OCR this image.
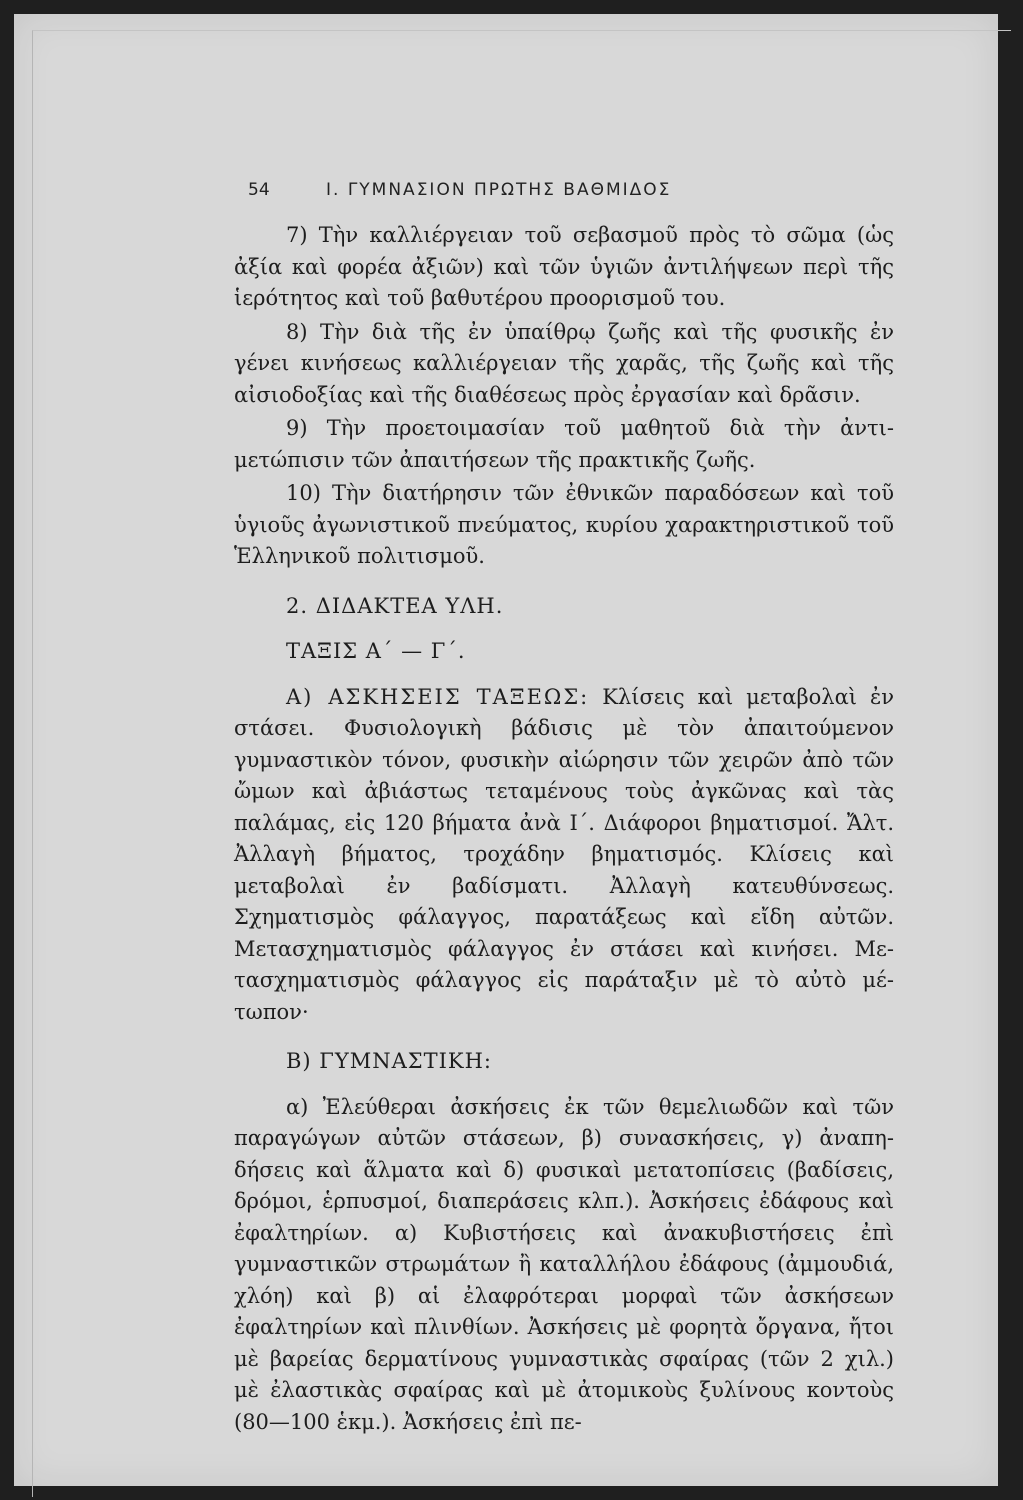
54	Ι. ΓΥΜΝΑΣΙΟΝ ΠΡΩΤΗΣ ΒΑΘΜΙΔΟΣ

7) Τὴν καλλιέργειαν τοῦ σεβασμοῦ πρὸς τὸ σῶμα (ὡς ἀξία καὶ φορέα ἀξιῶν) καὶ τῶν ὑγιῶν ἀντιλήψεων περὶ τῆς ἱερότητος καὶ τοῦ βαθυτέρου προορισμοῦ του.

8) Τὴν διὰ τῆς ἐν ὑπαίθρῳ ζωῆς καὶ τῆς φυσικῆς ἐν γένει κινήσεως καλλιέργειαν τῆς χαρᾶς, τῆς ζωῆς καὶ τῆς αἰσιοδοξίας καὶ τῆς διαθέσεως πρὸς ἐργασίαν καὶ δρᾶσιν.

9) Τὴν προετοιμασίαν τοῦ μαθητοῦ διὰ τὴν ἀντιμετώπισιν τῶν ἀπαιτήσεων τῆς πρακτικῆς ζωῆς.

10) Τὴν διατήρησιν τῶν ἐθνικῶν παραδόσεων καὶ τοῦ ὑγιοῦς ἀγωνιστικοῦ πνεύματος, κυρίου χαρακτηριστικοῦ τοῦ Ἑλληνικοῦ πολιτισμοῦ.

2. ΔΙΔΑΚΤΕΑ ΥΛΗ.
ΤΑΞΙΣ Α΄ — Γ΄.

Α) ΑΣΚΗΣΕΙΣ ΤΑΞΕΩΣ: Κλίσεις καὶ μεταβολαὶ ἐν στάσει. Φυσιολογικὴ βάδισις μὲ τὸν ἀπαιτούμενον γυμναστικὸν τόνον, φυσικὴν αἰώρησιν τῶν χειρῶν ἀπὸ τῶν ὤμων καὶ ἀβιάστως τεταμένους τοὺς ἀγκῶνας καὶ τὰς παλάμας, εἰς 120 βήματα ἀνὰ Ι΄. Διάφοροι βηματισμοί. Ἄλτ. Ἀλλαγὴ βήματος, τροχάδην βηματισμός. Κλίσεις καὶ μεταβολαὶ ἐν βαδίσματι. Ἀλλαγὴ κατευθύνσεως. Σχηματισμὸς φάλαγγος, παρατάξεως καὶ εἴδη αὐτῶν. Μετασχηματισμὸς φάλαγγος ἐν στάσει καὶ κινήσει. Μετασχηματισμὸς φάλαγγος εἰς παράταξιν μὲ τὸ αὐτὸ μέτωπον·

Β) ΓΥΜΝΑΣΤΙΚΗ:

α) Ἐλεύθεραι ἀσκήσεις ἐκ τῶν θεμελιωδῶν καὶ τῶν παραγώγων αὐτῶν στάσεων, β) συνασκήσεις, γ) ἀναπηδήσεις καὶ ἅλματα καὶ δ) φυσικαὶ μετατοπίσεις (βαδίσεις, δρόμοι, ἑρπυσμοί, διαπεράσεις κλπ.). Ἀσκήσεις ἐδάφους καὶ ἐφαλτηρίων. α) Κυβιστήσεις καὶ ἀνακυβιστήσεις ἐπὶ γυμναστικῶν στρωμάτων ἢ καταλλήλου ἐδάφους (ἀμμουδιά, χλόη) καὶ β) αἱ ἐλαφρότεραι μορφαὶ τῶν ἀσκήσεων ἐφαλτηρίων καὶ πλινθίων. Ἀσκήσεις μὲ φορητὰ ὄργανα, ἤτοι μὲ βαρείας δερματίνους γυμναστικὰς σφαίρας (τῶν 2 χιλ.) μὲ ἐλαστικὰς σφαίρας καὶ μὲ ἀτομικοὺς ξυλίνους κοντοὺς (80—100 ἑκμ.). Ἀσκήσεις ἐπὶ πε-
